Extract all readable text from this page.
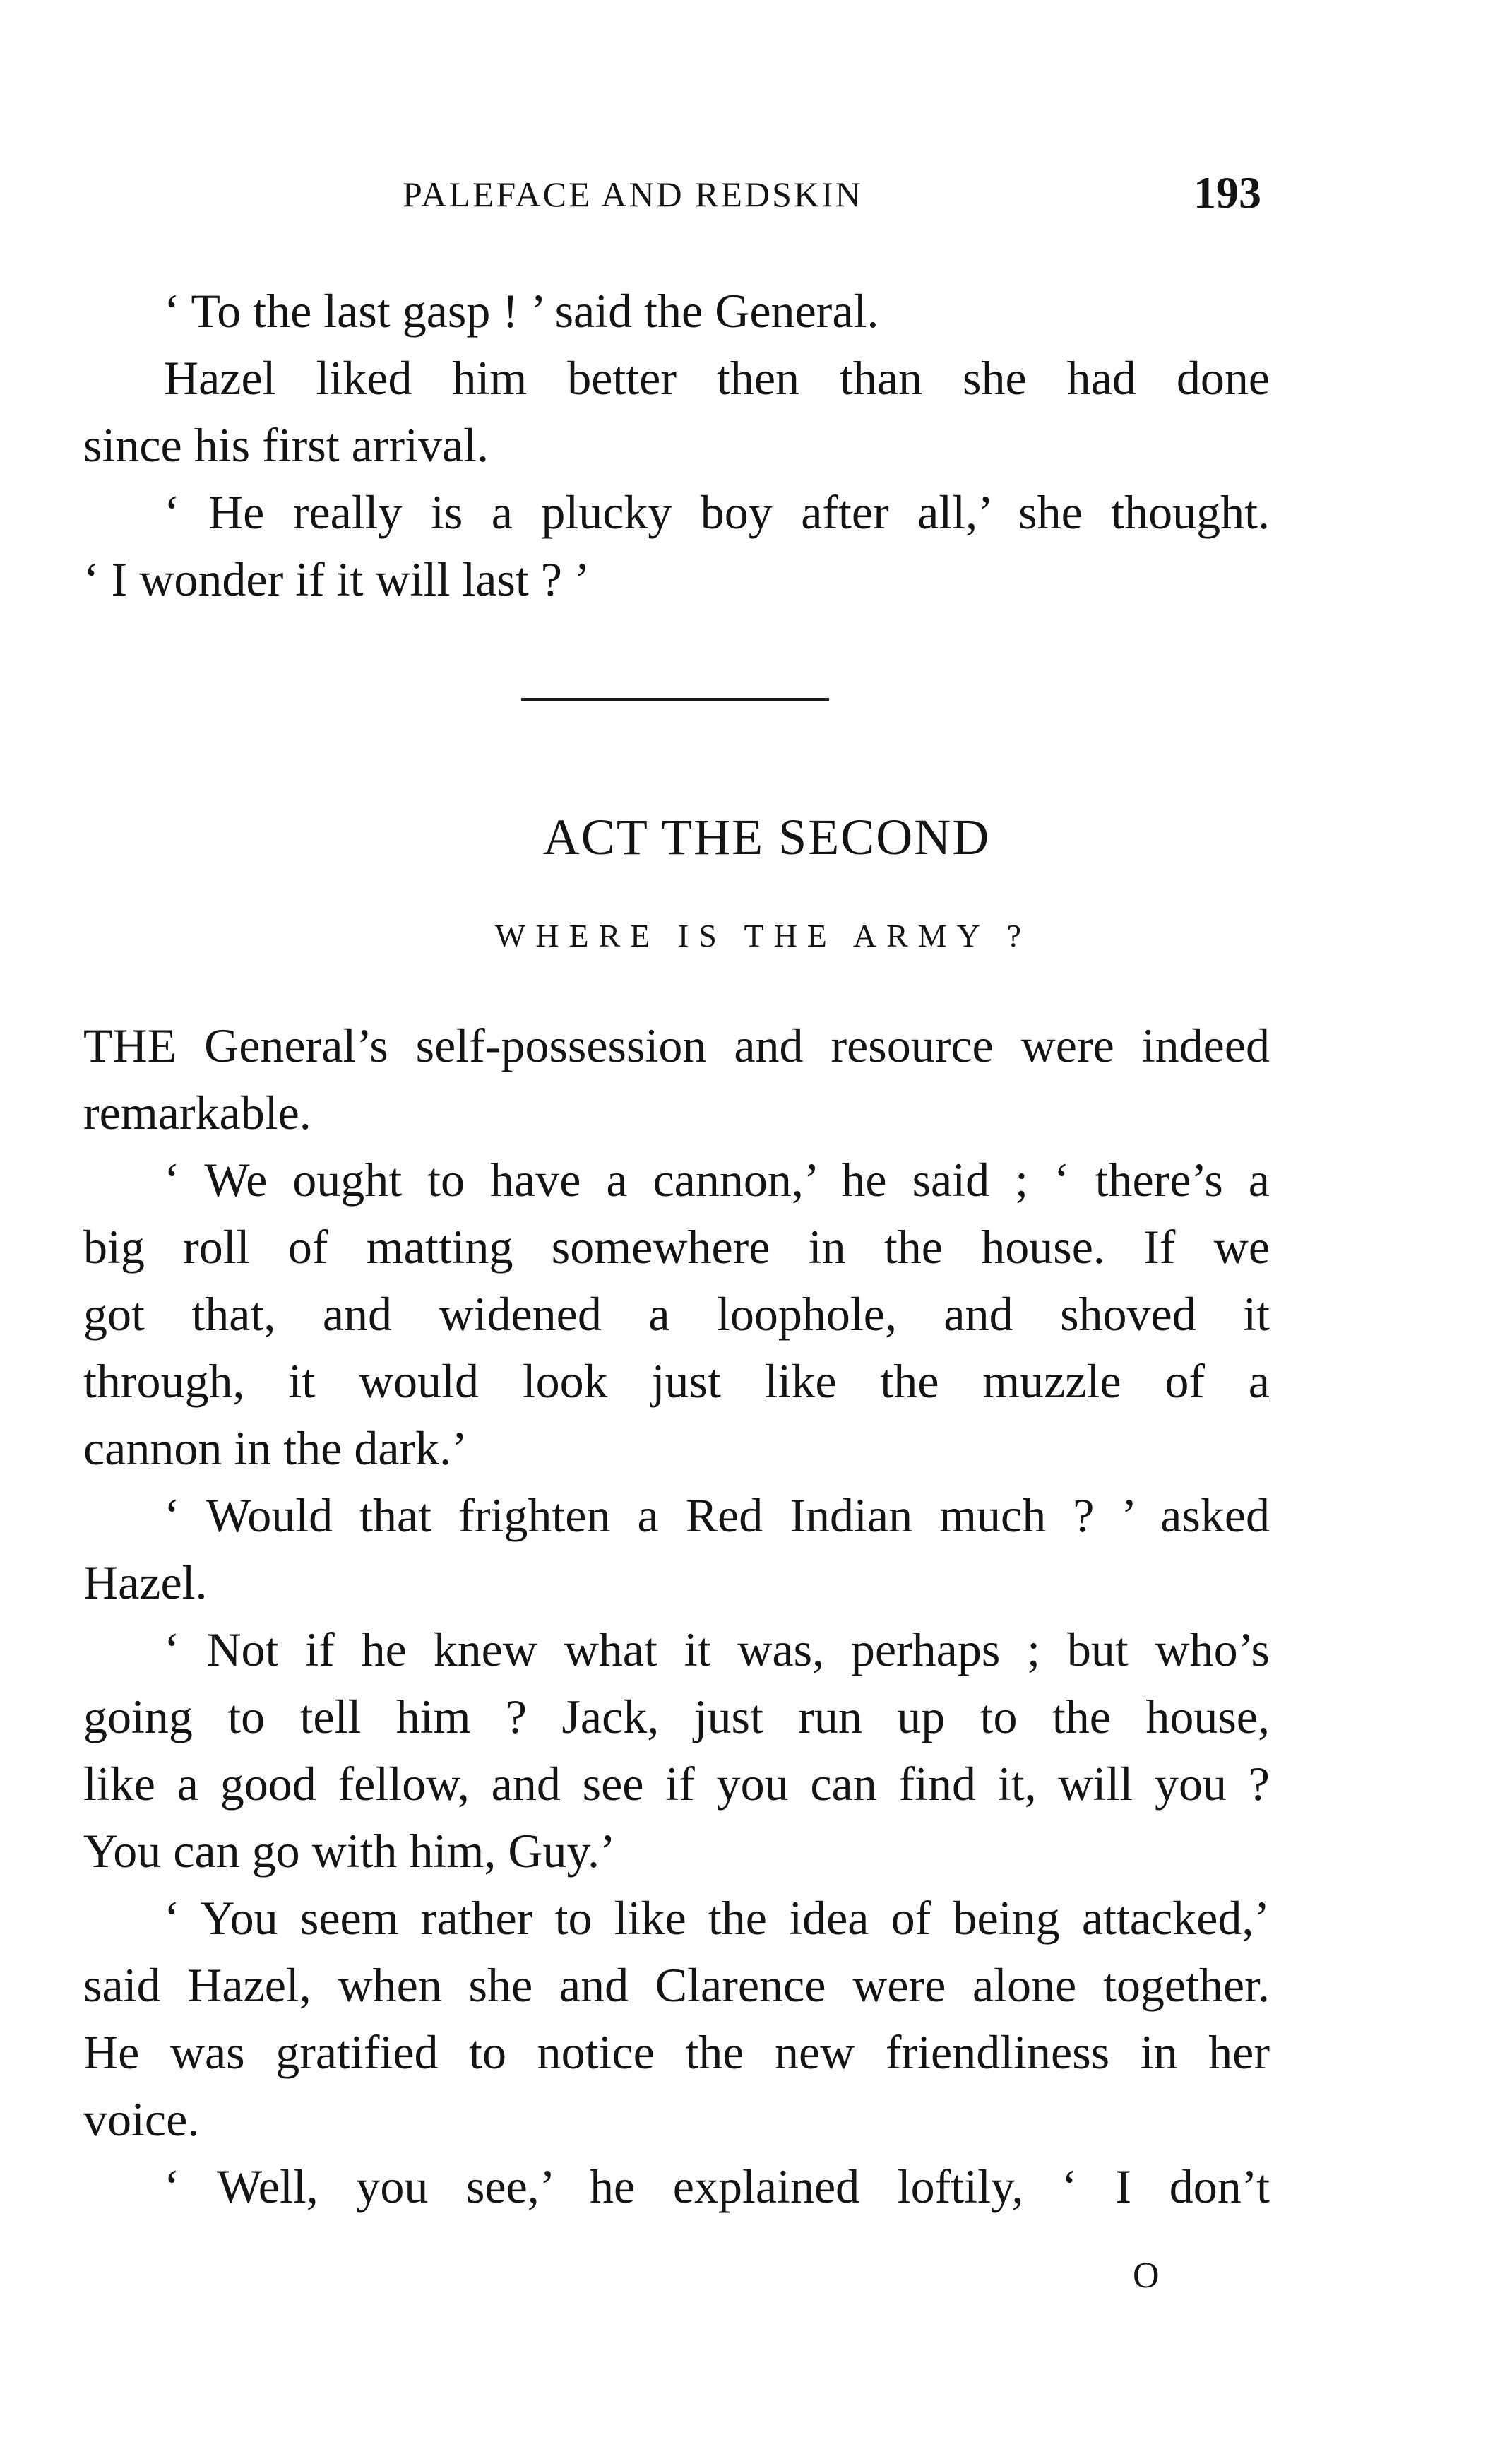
PALEFACE AND REDSKIN	193
‘ To the last gasp ! ’ said the General.
Hazel liked him better then than she had done
since his first arrival.
‘ He really is a plucky boy after all,’ she thought.
‘ I wonder if it will last ? ’
ACT THE SECOND
WHERE IS THE ARMY ?
THE General’s self-possession and resource were indeed
remarkable.
‘ We ought to have a cannon,’ he said ; ‘ there’s a
big roll of matting somewhere in the house. If we
got that, and widened a loophole, and shoved it
through, it would look just like the muzzle of a
cannon in the dark.’
‘ Would that frighten a Red Indian much ? ’ asked
Hazel.
‘ Not if he knew what it was, perhaps ; but who’s
going to tell him ? Jack, just run up to the house,
like a good fellow, and see if you can find it, will you ?
You can go with him, Guy.’
‘ You seem rather to like the idea of being attacked,’
said Hazel, when she and Clarence were alone together.
He was gratified to notice the new friendliness in her
voice.
‘ Well, you see,’ he explained loftily, ‘ I don’t
O
